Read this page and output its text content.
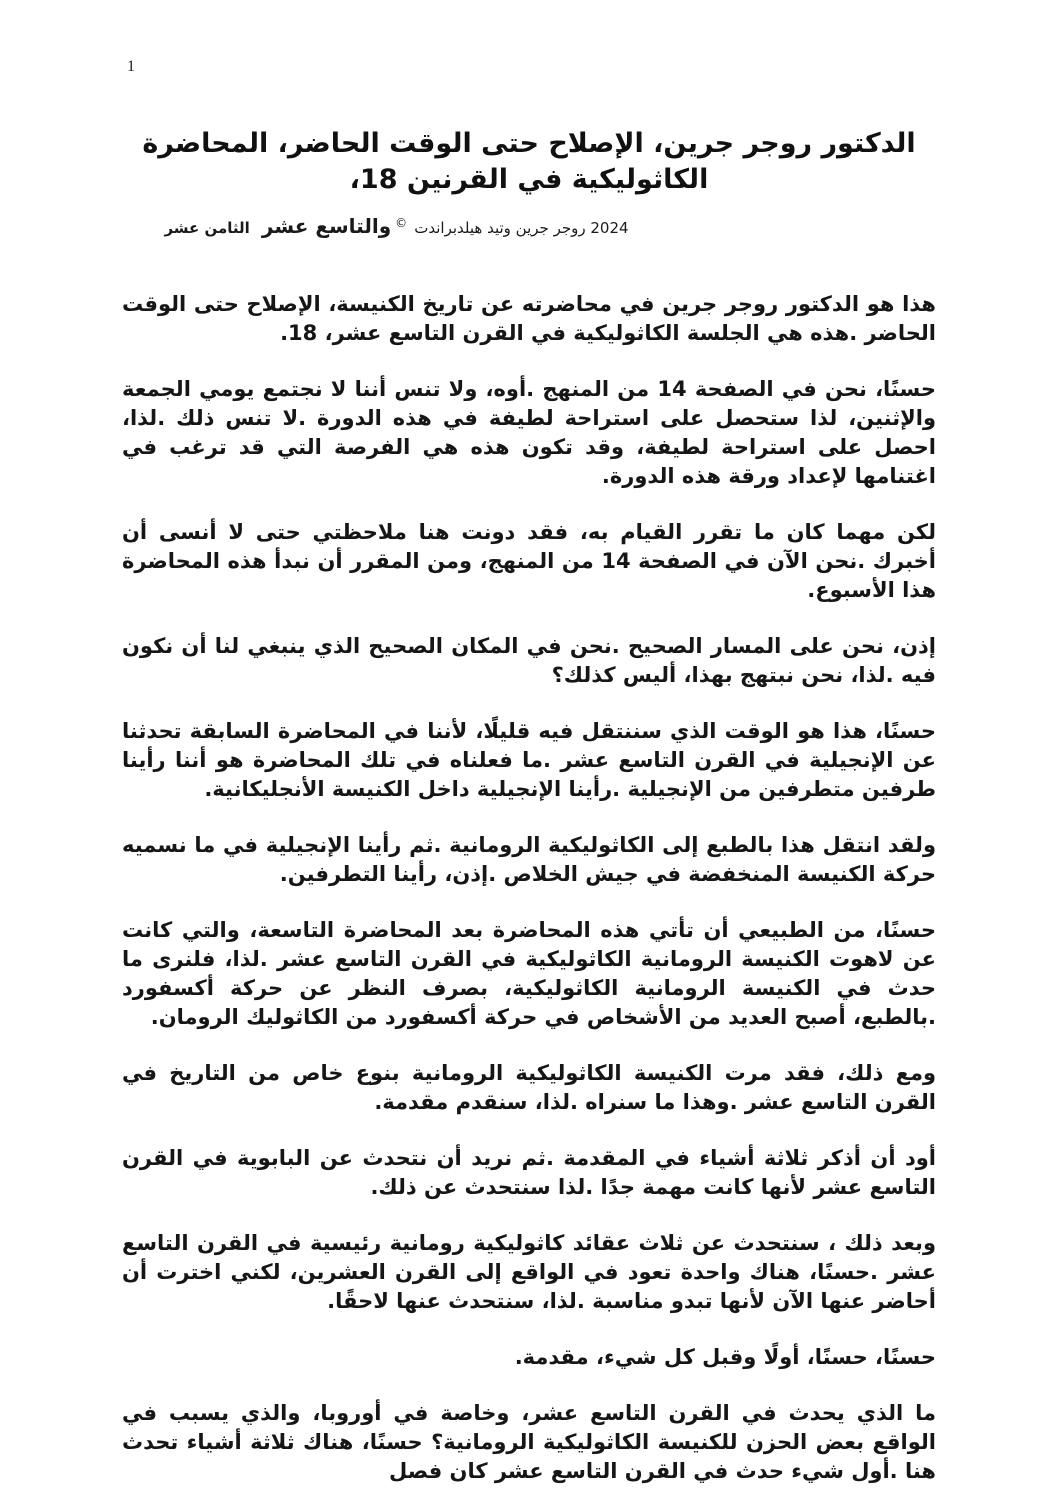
1
الدكتور روجر جرين، الإصلاح حتى الوقت الحاضر، المحاضرة
الكاثوليكية في القرنين 18،
الثامن عشر والتاسع عشر © 2024 روجر جرين وتيد هيلدبراندت

هذا هو الدكتور روجر جرين في محاضرته عن تاريخ الكنيسة، الإصلاح حتى الوقت الحاضر .هذه هي الجلسة الكاثوليكية في القرن التاسع عشر، 18.

حسنًا، نحن في الصفحة 14 من المنهج .أوه، ولا تنس أننا لا نجتمع يومي الجمعة والإثنين، لذا ستحصل على استراحة لطيفة في هذه الدورة .لا تنس ذلك .لذا، احصل على استراحة لطيفة، وقد تكون هذه هي الفرصة التي قد ترغب في اغتنامها لإعداد ورقة هذه الدورة.

لكن مهما كان ما تقرر القيام به، فقد دونت هنا ملاحظتي حتى لا أنسى أن أخبرك .نحن الآن في الصفحة 14 من المنهج، ومن المقرر أن نبدأ هذه المحاضرة هذا الأسبوع.

إذن، نحن على المسار الصحيح .نحن في المكان الصحيح الذي ينبغي لنا أن نكون فيه .لذا، نحن نبتهج بهذا، أليس كذلك؟

حسنًا، هذا هو الوقت الذي سننتقل فيه قليلًا، لأننا في المحاضرة السابقة تحدثنا عن الإنجيلية في القرن التاسع عشر .ما فعلناه في تلك المحاضرة هو أننا رأينا طرفين متطرفين من الإنجيلية .رأينا الإنجيلية داخل الكنيسة الأنجليكانية.

ولقد انتقل هذا بالطبع إلى الكاثوليكية الرومانية .ثم رأينا الإنجيلية في ما نسميه حركة الكنيسة المنخفضة في جيش الخلاص .إذن، رأينا التطرفين.

حسنًا، من الطبيعي أن تأتي هذه المحاضرة بعد المحاضرة التاسعة، والتي كانت عن لاهوت الكنيسة الرومانية الكاثوليكية في القرن التاسع عشر .لذا، فلنرى ما حدث في الكنيسة الرومانية الكاثوليكية، بصرف النظر عن حركة أكسفورد .بالطبع، أصبح العديد من الأشخاص في حركة أكسفورد من الكاثوليك الرومان.

ومع ذلك، فقد مرت الكنيسة الكاثوليكية الرومانية بنوع خاص من التاريخ في القرن التاسع عشر .وهذا ما سنراه .لذا، سنقدم مقدمة.

أود أن أذكر ثلاثة أشياء في المقدمة .ثم نريد أن نتحدث عن البابوية في القرن التاسع عشر لأنها كانت مهمة جدًا .لذا سنتحدث عن ذلك.

وبعد ذلك ، سنتحدث عن ثلاث عقائد كاثوليكية رومانية رئيسية في القرن التاسع عشر .حسنًا، هناك واحدة تعود في الواقع إلى القرن العشرين، لكني اخترت أن أحاضر عنها الآن لأنها تبدو مناسبة .لذا، سنتحدث عنها لاحقًا.

حسنًا، حسنًا، أولًا وقبل كل شيء، مقدمة.

ما الذي يحدث في القرن التاسع عشر، وخاصة في أوروبا، والذي يسبب في الواقع بعض الحزن للكنيسة الكاثوليكية الرومانية؟ حسنًا، هناك ثلاثة أشياء تحدث هنا .أول شيء حدث في القرن التاسع عشر كان فصل
